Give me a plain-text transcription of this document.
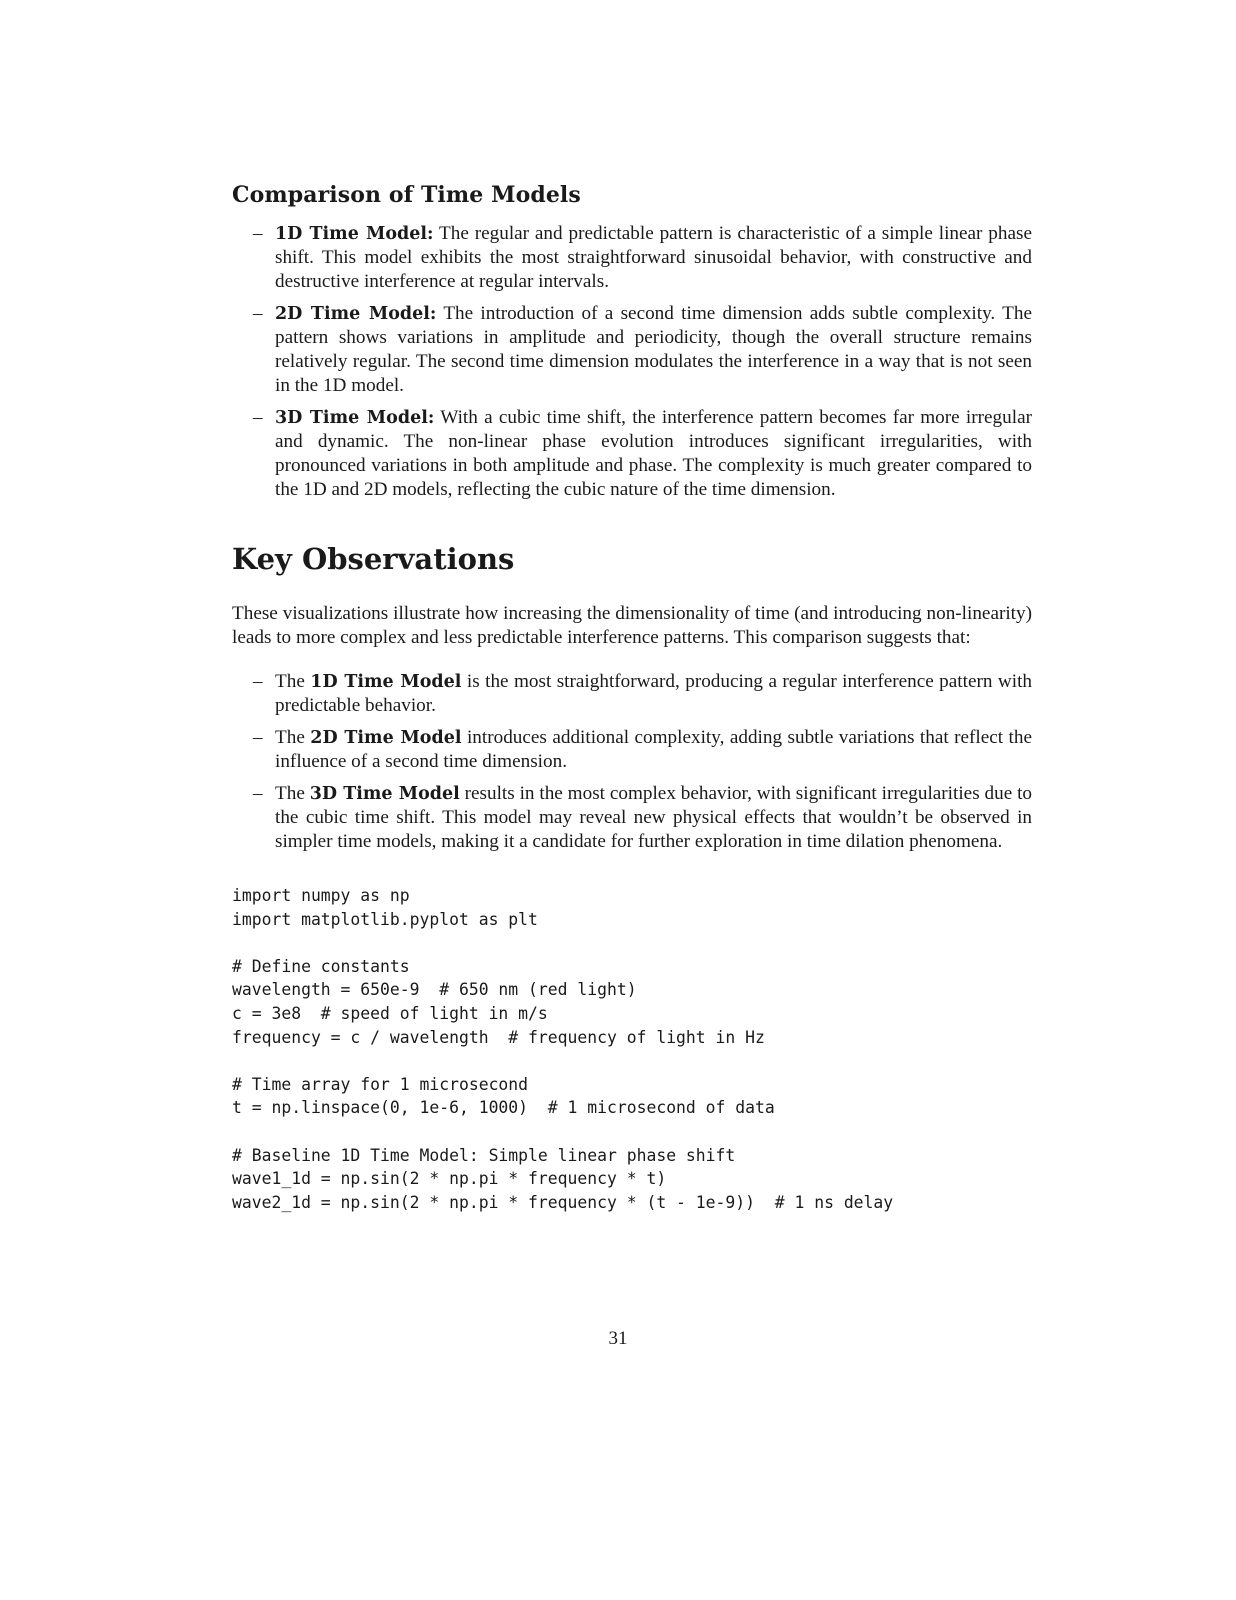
Comparison of Time Models
– 1D Time Model: The regular and predictable pattern is characteristic of a simple linear phase shift. This model exhibits the most straightforward sinusoidal behavior, with constructive and destructive interference at regular intervals.
– 2D Time Model: The introduction of a second time dimension adds subtle complexity. The pattern shows variations in amplitude and periodicity, though the overall structure remains relatively regular. The second time dimension modulates the interference in a way that is not seen in the 1D model.
– 3D Time Model: With a cubic time shift, the interference pattern becomes far more irregular and dynamic. The non-linear phase evolution introduces significant irregularities, with pronounced variations in both amplitude and phase. The complexity is much greater compared to the 1D and 2D models, reflecting the cubic nature of the time dimension.
Key Observations

These visualizations illustrate how increasing the dimensionality of time (and introducing non-linearity) leads to more complex and less predictable interference patterns. This comparison suggests that:

– The 1D Time Model is the most straightforward, producing a regular interference pattern with predictable behavior.
– The 2D Time Model introduces additional complexity, adding subtle variations that reflect the influence of a second time dimension.
– The 3D Time Model results in the most complex behavior, with significant irregularities due to the cubic time shift. This model may reveal new physical effects that wouldn’t be observed in simpler time models, making it a candidate for further exploration in time dilation phenomena.
import numpy as np
import matplotlib.pyplot as plt
# Define constants
wavelength = 650e-9  # 650 nm (red light)
c = 3e8  # speed of light in m/s
frequency = c / wavelength  # frequency of light in Hz
# Time array for 1 microsecond
t = np.linspace(0, 1e-6, 1000)  # 1 microsecond of data
# Baseline 1D Time Model: Simple linear phase shift
wave1_1d = np.sin(2 * np.pi * frequency * t)
wave2_1d = np.sin(2 * np.pi * frequency * (t - 1e-9))  # 1 ns delay
31
